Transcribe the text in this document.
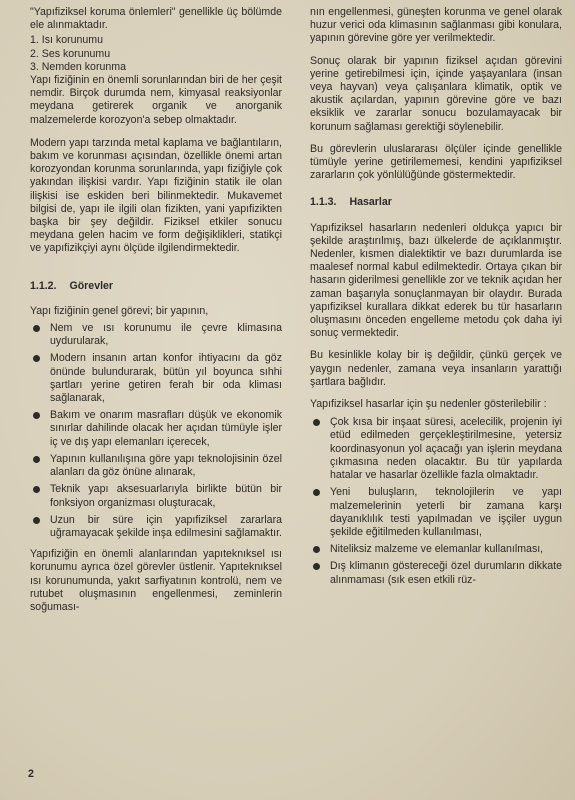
"Yapıfiziksel koruma önlemleri" genellikle üç bölümde ele alınmaktadır.

1. Isı korunumu
2. Ses korunumu
3. Nemden korunma

Yapı fiziğinin en önemli sorunlarından biri de her çeşit nemdir. Birçok durumda nem, kimyasal reaksiyonlar meydana getirerek organik ve anorganik malzemelerde korozyon'a sebep olmaktadır.

Modern yapı tarzında metal kaplama ve bağlantıların, bakım ve korunması açısından, özellikle önemi artan korozyondan korunma sorunlarında, yapı fiziğiyle çok yakından ilişkisi vardır. Yapı fiziğinin statik ile olan ilişkisi ise eskiden beri bilinmektedir. Mukavemet bilgisi de, yapı ile ilgili olan fizikten, yani yapıfizikten başka bir şey değildir. Fiziksel etkiler sonucu meydana gelen hacim ve form değişiklikleri, statikçi ve yapıfizikçiyi aynı ölçüde ilgilendirmektedir.

1.1.2. Görevler

Yapı fiziğinin genel görevi; bir yapının,

Nem ve ısı korunumu ile çevre klimasına uydurularak,
Modern insanın artan konfor ihtiyacını da göz önünde bulundurarak, bütün yıl boyunca sıhhi şartları yerine getiren ferah bir oda kliması sağlanarak,
Bakım ve onarım masrafları düşük ve ekonomik sınırlar dahilinde olacak her açıdan tümüyle işler iç ve dış yapı elemanları içerecek,
Yapının kullanılışına göre yapı teknolojisinin özel alanları da göz önüne alınarak,
Teknik yapı aksesuarlarıyla birlikte bütün bir fonksiyon organizması oluşturacak,
Uzun bir süre için yapıfiziksel zararlara uğramayacak şekilde inşa edilmesini sağlamaktır.

Yapıfiziğin en önemli alanlarından yapıteknıksel ısı korunumu ayrıca özel görevler üstlenir. Yapıteknıksel ısı korunumunda, yakıt sarfiyatının kontrolü, nem ve rutubet oluşmasının engellenmesi, zeminlerin soğuması-

nın engellenmesi, güneşten korunma ve genel olarak huzur verici oda klimasının sağlanması gibi konulara, yapının görevine göre yer verilmektedir.

Sonuç olarak bir yapının fiziksel açıdan görevini yerine getirebilmesi için, içinde yaşayanlara (insan veya hayvan) veya çalışanlara klimatik, optik ve akustik açılardan, yapının görevine göre ve bazı eksiklik ve zararlar sonucu bozulamayacak bir korunum sağlaması gerektiği söylenebilir.

Bu görevlerin uluslararası ölçüler içinde genellikle tümüyle yerine getirilememesi, kendini yapıfiziksel zararların çok yönlülüğünde göstermektedir.

1.1.3. Hasarlar

Yapıfiziksel hasarların nedenleri oldukça yapıcı bir şekilde araştırılmış, bazı ülkelerde de açıklanmıştır. Nedenler, kısmen dialektiktir ve bazı durumlarda ise maalesef normal kabul edilmektedir. Ortaya çıkan bir hasarın giderilmesi genellikle zor ve teknik açıdan her zaman başarıyla sonuçlanmayan bir olaydır. Burada yapıfiziksel kurallara dikkat ederek bu tür hasarların oluşmasını önceden engelleme metodu çok daha iyi sonuç vermektedir.

Bu kesinlikle kolay bir iş değildir, çünkü gerçek ve yaygın nedenler, zamana veya insanların yarattığı şartlara bağlıdır.

Yapıfiziksel hasarlar için şu nedenler gösterilebilir :

Çok kısa bir inşaat süresi, acelecilik, projenin iyi etüd edilmeden gerçekleştirilmesine, yetersiz koordinasyonun yol açacağı yan işlerin meydana çıkmasına neden olacaktır. Bu tür yapılarda hatalar ve hasarlar özellikle fazla olmaktadır.
Yeni buluşların, teknolojilerin ve yapı malzemelerinin yeterli bir zamana karşı dayanıklılık testi yapılmadan ve işçiler uygun şekilde eğitilmeden kullanılması,
Niteliksiz malzeme ve elemanlar kullanılması,
Dış klimanın göstereceği özel durumların dikkate alınmaması (sık esen etkili rüz-
2
